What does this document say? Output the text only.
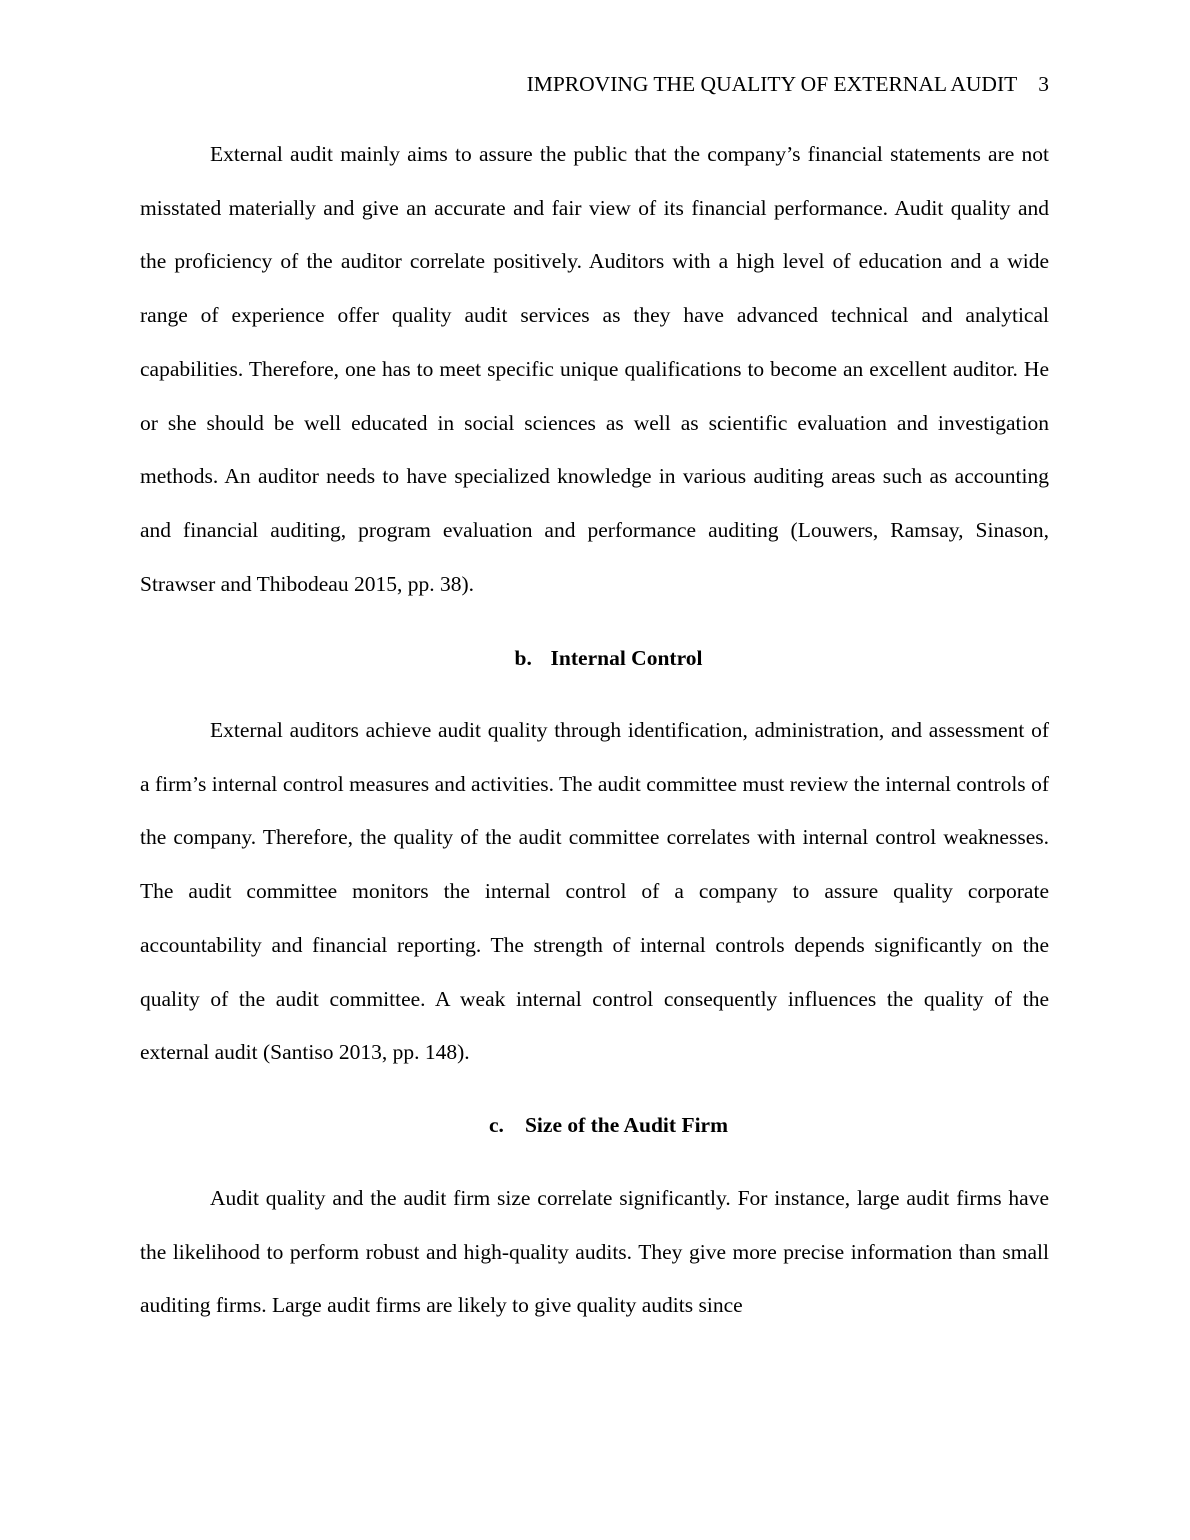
IMPROVING THE QUALITY OF EXTERNAL AUDIT 3

External audit mainly aims to assure the public that the company’s financial statements are not misstated materially and give an accurate and fair view of its financial performance. Audit quality and the proficiency of the auditor correlate positively. Auditors with a high level of education and a wide range of experience offer quality audit services as they have advanced technical and analytical capabilities. Therefore, one has to meet specific unique qualifications to become an excellent auditor. He or she should be well educated in social sciences as well as scientific evaluation and investigation methods. An auditor needs to have specialized knowledge in various auditing areas such as accounting and financial auditing, program evaluation and performance auditing (Louwers, Ramsay, Sinason, Strawser and Thibodeau 2015, pp. 38).

b. Internal Control

External auditors achieve audit quality through identification, administration, and assessment of a firm’s internal control measures and activities. The audit committee must review the internal controls of the company. Therefore, the quality of the audit committee correlates with internal control weaknesses. The audit committee monitors the internal control of a company to assure quality corporate accountability and financial reporting. The strength of internal controls depends significantly on the quality of the audit committee. A weak internal control consequently influences the quality of the external audit (Santiso 2013, pp. 148).

c. Size of the Audit Firm

Audit quality and the audit firm size correlate significantly. For instance, large audit firms have the likelihood to perform robust and high-quality audits. They give more precise information than small auditing firms. Large audit firms are likely to give quality audits since
